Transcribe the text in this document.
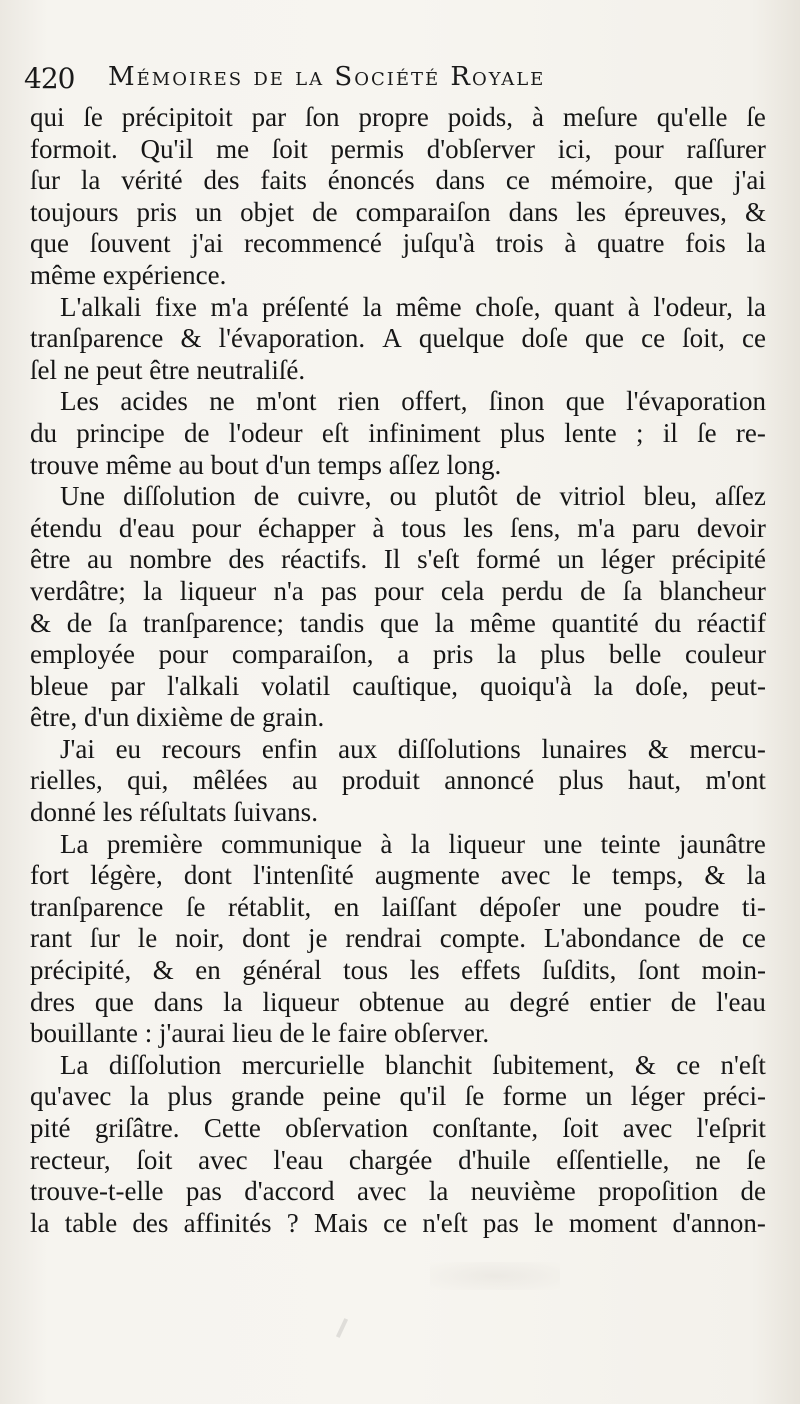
420 Mémoires de la Société Royale
qui ſe précipitoit par ſon propre poids, à meſure qu'elle ſe
formoit. Qu'il me ſoit permis d'obſerver ici, pour raſſurer
ſur la vérité des faits énoncés dans ce mémoire, que j'ai
toujours pris un objet de comparaiſon dans les épreuves, &
que ſouvent j'ai recommencé juſqu'à trois à quatre fois la
même expérience.
L'alkali fixe m'a préſenté la même choſe, quant à l'odeur, la
tranſparence & l'évaporation. A quelque doſe que ce ſoit, ce
ſel ne peut être neutraliſé.
Les acides ne m'ont rien offert, ſinon que l'évaporation
du principe de l'odeur eſt infiniment plus lente ; il ſe re-
trouve même au bout d'un temps aſſez long.
Une diſſolution de cuivre, ou plutôt de vitriol bleu, aſſez
étendu d'eau pour échapper à tous les ſens, m'a paru devoir
être au nombre des réactifs. Il s'eſt formé un léger précipité
verdâtre; la liqueur n'a pas pour cela perdu de ſa blancheur
& de ſa tranſparence; tandis que la même quantité du réactif
employée pour comparaiſon, a pris la plus belle couleur
bleue par l'alkali volatil cauſtique, quoiqu'à la doſe, peut-
être, d'un dixième de grain.
J'ai eu recours enfin aux diſſolutions lunaires & mercu-
rielles, qui, mêlées au produit annoncé plus haut, m'ont
donné les réſultats ſuivans.
La première communique à la liqueur une teinte jaunâtre
fort légère, dont l'intenſité augmente avec le temps, & la
tranſparence ſe rétablit, en laiſſant dépoſer une poudre ti-
rant ſur le noir, dont je rendrai compte. L'abondance de ce
précipité, & en général tous les effets ſuſdits, ſont moin-
dres que dans la liqueur obtenue au degré entier de l'eau
bouillante : j'aurai lieu de le faire obſerver.
La diſſolution mercurielle blanchit ſubitement, & ce n'eſt
qu'avec la plus grande peine qu'il ſe forme un léger préci-
pité griſâtre. Cette obſervation conſtante, ſoit avec l'eſprit
recteur, ſoit avec l'eau chargée d'huile eſſentielle, ne ſe
trouve-t-elle pas d'accord avec la neuvième propoſition de
la table des affinités ? Mais ce n'eſt pas le moment d'annon-
